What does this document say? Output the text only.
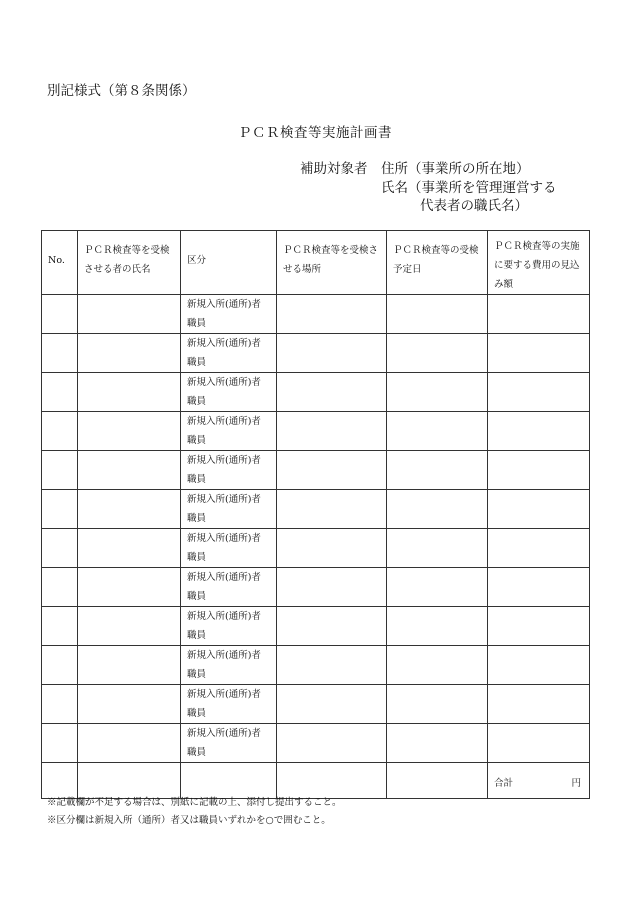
別記様式（第８条関係）
ＰＣＲ検査等実施計画書
補助対象者 住所（事業所の所在地）
氏名（事業所を管理運営する
代表者の職氏名）
No.	ＰＣＲ検査等を受検させる者の氏名	区分	ＰＣＲ検査等を受検させる場所	ＰＣＲ検査等の受検予定日	ＰＣＲ検査等の実施に要する費用の見込み額

		新規入所(通所)者
職員			

		新規入所(通所)者
職員			

		新規入所(通所)者
職員			

		新規入所(通所)者
職員			

		新規入所(通所)者
職員			

		新規入所(通所)者
職員			

		新規入所(通所)者
職員			

		新規入所(通所)者
職員			

		新規入所(通所)者
職員			

		新規入所(通所)者
職員			

		新規入所(通所)者
職員			

		新規入所(通所)者
職員			

					合計 円
※記載欄が不足する場合は、別紙に記載の上、添付し提出すること。
※区分欄は新規入所（通所）者又は職員いずれかを○で囲むこと。
